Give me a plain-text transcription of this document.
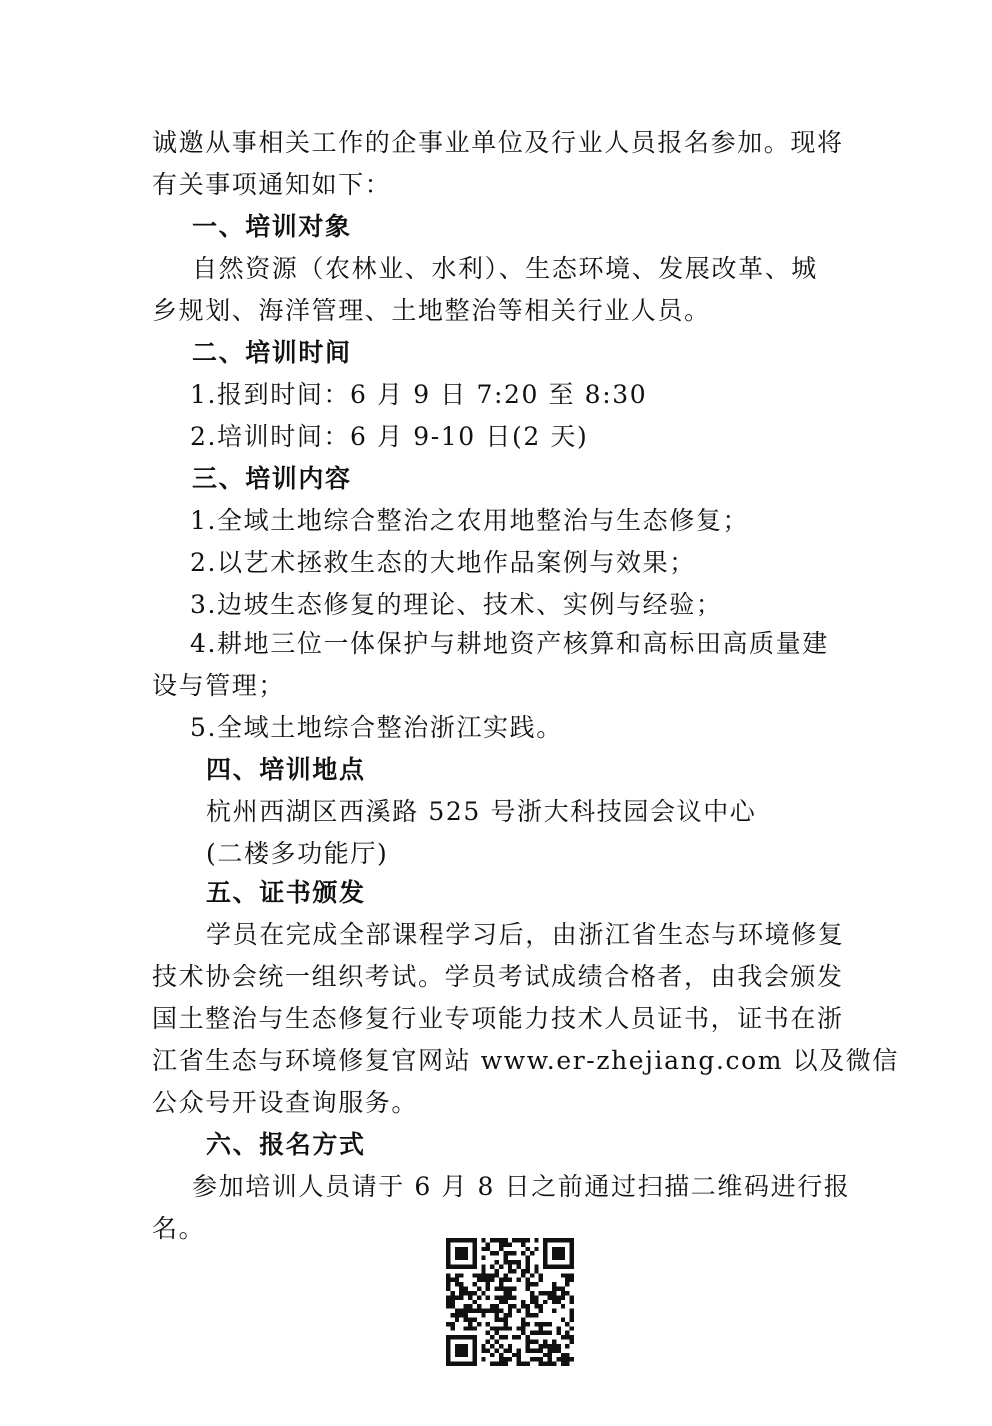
诚邀从事相关工作的企事业单位及行业人员报名参加。现将
有关事项通知如下：
一、培训对象
自然资源（农林业、水利）、生态环境、发展改革、城
乡规划、海洋管理、土地整治等相关行业人员。
二、培训时间
1.报到时间：6 月 9 日 7:20 至 8:30
2.培训时间：6 月 9-10 日(2 天)
三、培训内容
1.全域土地综合整治之农用地整治与生态修复；
2.以艺术拯救生态的大地作品案例与效果；
3.边坡生态修复的理论、技术、实例与经验；
4.耕地三位一体保护与耕地资产核算和高标田高质量建
设与管理；
5.全域土地综合整治浙江实践。
四、培训地点
杭州西湖区西溪路 525 号浙大科技园会议中心
(二楼多功能厅)
五、证书颁发
学员在完成全部课程学习后，由浙江省生态与环境修复
技术协会统一组织考试。学员考试成绩合格者，由我会颁发
国土整治与生态修复行业专项能力技术人员证书，证书在浙
江省生态与环境修复官网站 www.er-zhejiang.com 以及微信
公众号开设查询服务。
六、报名方式
参加培训人员请于 6 月 8 日之前通过扫描二维码进行报
名。
